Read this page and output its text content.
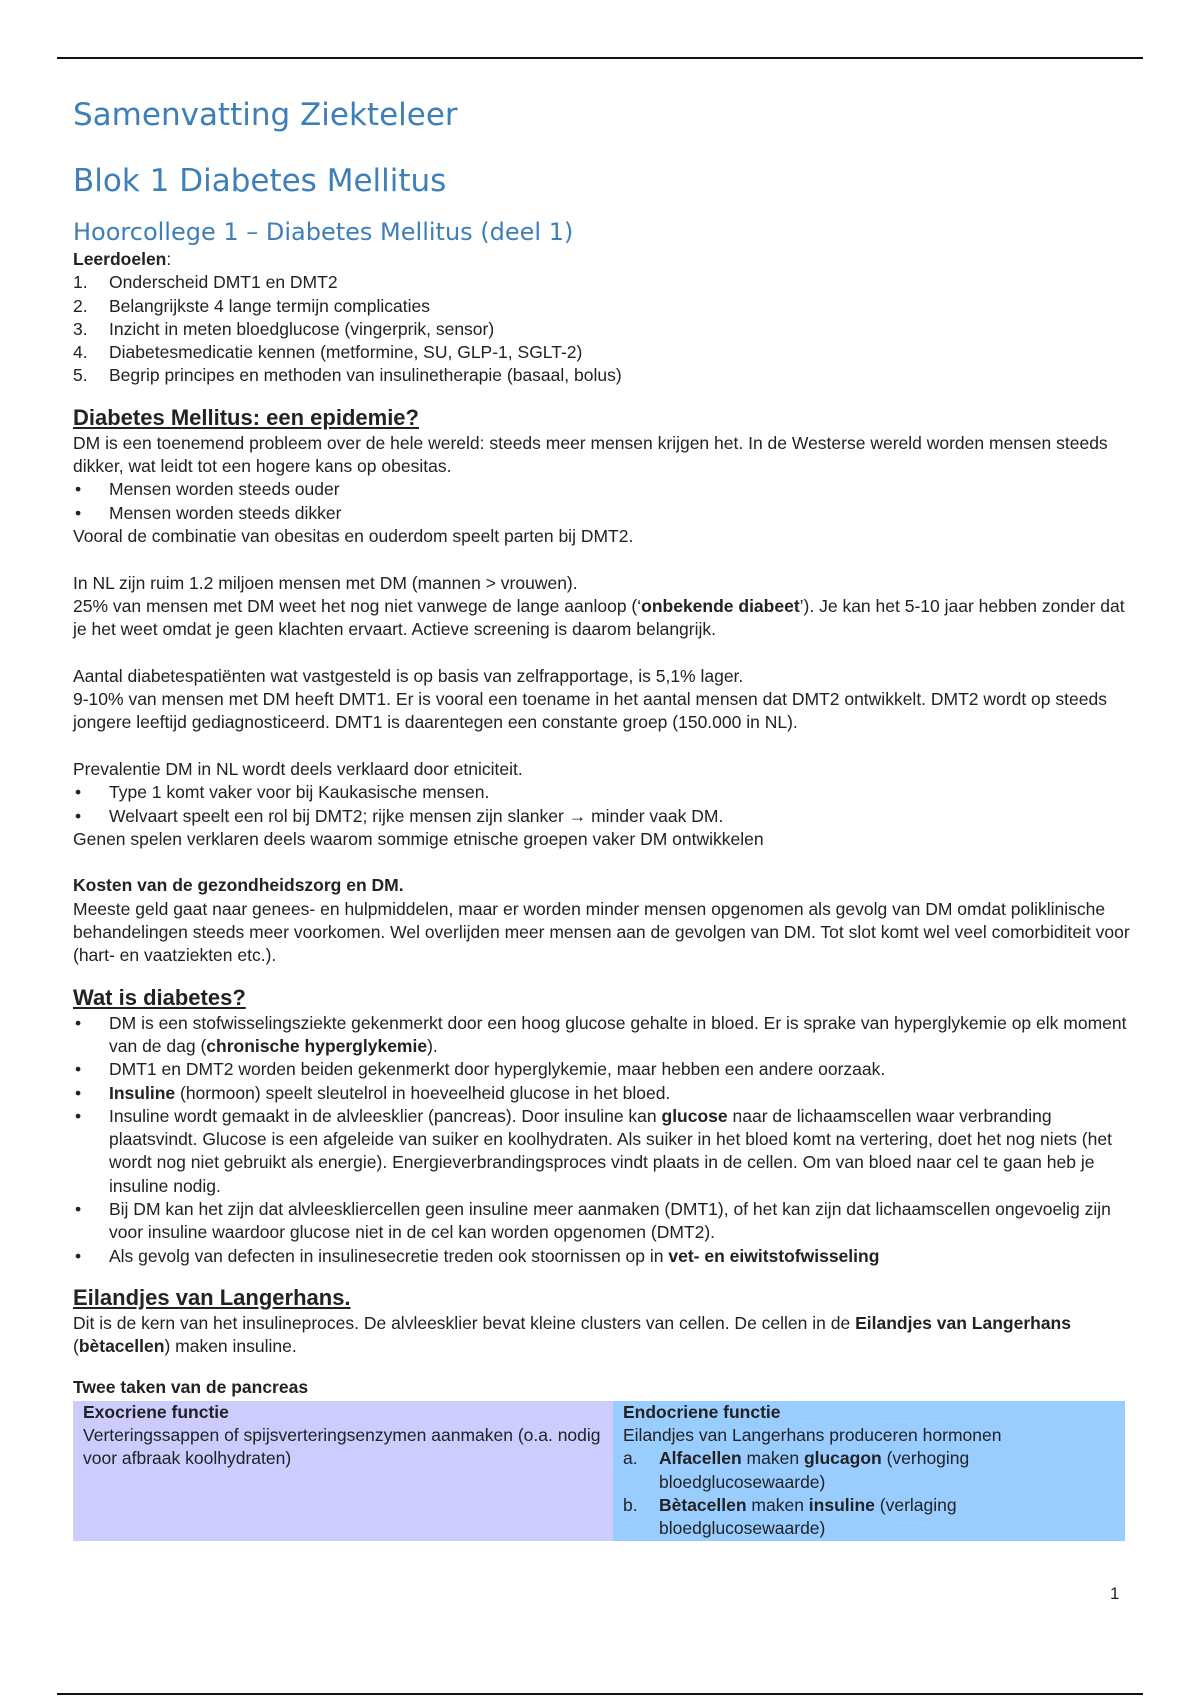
Samenvatting Ziekteleer
Blok 1 Diabetes Mellitus
Hoorcollege 1 – Diabetes Mellitus (deel 1)

Leerdoelen:

1. Onderscheid DMT1 en DMT2
2. Belangrijkste 4 lange termijn complicaties
3. Inzicht in meten bloedglucose (vingerprik, sensor)
4. Diabetesmedicatie kennen (metformine, SU, GLP-1, SGLT-2)
5. Begrip principes en methoden van insulinetherapie (basaal, bolus)
Diabetes Mellitus: een epidemie?

DM is een toenemend probleem over de hele wereld: steeds meer mensen krijgen het. In de Westerse wereld worden mensen steeds dikker, wat leidt tot een hogere kans op obesitas.

• Mensen worden steeds ouder
• Mensen worden steeds dikker

Vooral de combinatie van obesitas en ouderdom speelt parten bij DMT2.

In NL zijn ruim 1.2 miljoen mensen met DM (mannen > vrouwen).

25% van mensen met DM weet het nog niet vanwege de lange aanloop (‘onbekende diabeet’). Je kan het 5-10 jaar hebben zonder dat je het weet omdat je geen klachten ervaart. Actieve screening is daarom belangrijk.

Aantal diabetespatiënten wat vastgesteld is op basis van zelfrapportage, is 5,1% lager.

9-10% van mensen met DM heeft DMT1. Er is vooral een toename in het aantal mensen dat DMT2 ontwikkelt. DMT2 wordt op steeds jongere leeftijd gediagnosticeerd. DMT1 is daarentegen een constante groep (150.000 in NL).

Prevalentie DM in NL wordt deels verklaard door etniciteit.

• Type 1 komt vaker voor bij Kaukasische mensen.
• Welvaart speelt een rol bij DMT2; rijke mensen zijn slanker → minder vaak DM.

Genen spelen verklaren deels waarom sommige etnische groepen vaker DM ontwikkelen

Kosten van de gezondheidszorg en DM.

Meeste geld gaat naar genees- en hulpmiddelen, maar er worden minder mensen opgenomen als gevolg van DM omdat poliklinische behandelingen steeds meer voorkomen. Wel overlijden meer mensen aan de gevolgen van DM. Tot slot komt wel veel comorbiditeit voor (hart- en vaatziekten etc.).

Wat is diabetes?
• DM is een stofwisselingsziekte gekenmerkt door een hoog glucose gehalte in bloed. Er is sprake van hyperglykemie op elk moment van de dag (chronische hyperglykemie).
• DMT1 en DMT2 worden beiden gekenmerkt door hyperglykemie, maar hebben een andere oorzaak.
• Insuline (hormoon) speelt sleutelrol in hoeveelheid glucose in het bloed.
• Insuline wordt gemaakt in de alvleesklier (pancreas). Door insuline kan glucose naar de lichaamscellen waar verbranding plaatsvindt. Glucose is een afgeleide van suiker en koolhydraten. Als suiker in het bloed komt na vertering, doet het nog niets (het wordt nog niet gebruikt als energie). Energieverbrandingsproces vindt plaats in de cellen. Om van bloed naar cel te gaan heb je insuline nodig.
• Bij DM kan het zijn dat alvleeskliercellen geen insuline meer aanmaken (DMT1), of het kan zijn dat lichaamscellen ongevoelig zijn voor insuline waardoor glucose niet in de cel kan worden opgenomen (DMT2).
• Als gevolg van defecten in insulinesecretie treden ook stoornissen op in vet- en eiwitstofwisseling
Eilandjes van Langerhans.

Dit is de kern van het insulineproces. De alvleesklier bevat kleine clusters van cellen. De cellen in de Eilandjes van Langerhans (bètacellen) maken insuline.

Twee taken van de pancreas
Exocriene functie
Verteringssappen of spijsverteringsenzymen aanmaken (o.a. nodig voor afbraak koolhydraten)

Endocriene functie
Eilandjes van Langerhans produceren hormonen
a. Alfacellen maken glucagon (verhoging bloedglucosewaarde)
b. Bètacellen maken insuline (verlaging bloedglucosewaarde)
1
